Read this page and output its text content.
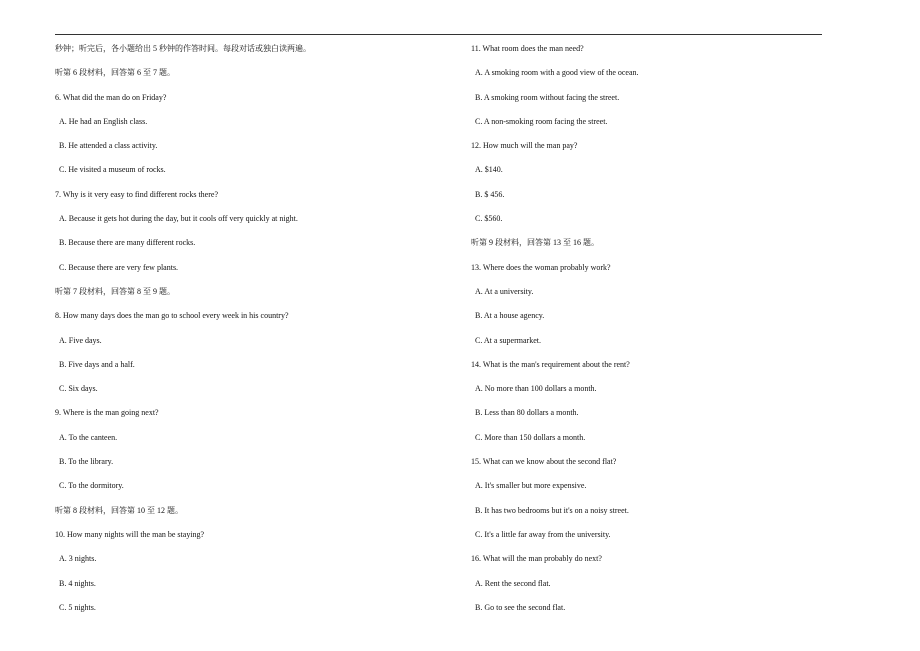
秒钟；听完后，各小题给出 5 秒钟的作答时间。每段对话或独白读两遍。
听第 6 段材料，回答第 6 至 7 题。
6. What did the man do on Friday?
A. He had an English class.
B. He attended a class activity.
C. He visited a museum of rocks.
7. Why is it very easy to find different rocks there?
A. Because it gets hot during the day, but it cools off very quickly at night.
B. Because there are many different rocks.
C. Because there are very few plants.
听第 7 段材料，回答第 8 至 9 题。
8. How many days does the man go to school every week in his country?
A. Five days.
B. Five days and a half.
C. Six days.
9. Where is the man going next?
A. To the canteen.
B. To the library.
C. To the dormitory.
听第 8 段材料，回答第 10 至 12 题。
10. How many nights will the man be staying?
A. 3 nights.
B. 4 nights.
C. 5 nights.
11. What room does the man need?
A. A smoking room with a good view of the ocean.
B. A smoking room without facing the street.
C. A non-smoking room facing the street.
12. How much will the man pay?
A. $140.
B. $ 456.
C. $560.
听第 9 段材料，回答第 13 至 16 题。
13. Where does the woman probably work?
A. At a university.
B. At a house agency.
C. At a supermarket.
14. What is the man's requirement about the rent?
A. No more than 100 dollars a month.
B. Less than 80 dollars a month.
C. More than 150 dollars a month.
15. What can we know about the second flat?
A. It's smaller but more expensive.
B. It has two bedrooms but it's on a noisy street.
C. It's a little far away from the university.
16. What will the man probably do next?
A. Rent the second flat.
B. Go to see the second flat.
